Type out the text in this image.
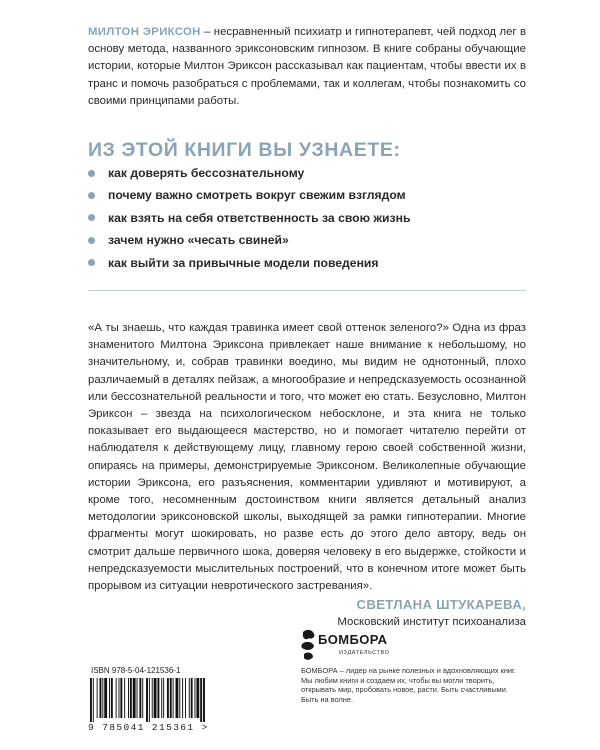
МИЛТОН ЭРИКСОН – несравненный психиатр и гипнотерапевт, чей подход лег в основу метода, названного эриксоновским гипнозом. В книге собраны обучающие истории, которые Милтон Эриксон рассказывал как пациентам, чтобы ввести их в транс и помочь разобраться с проблемами, так и коллегам, чтобы познакомить со своими принципами работы.
ИЗ ЭТОЙ КНИГИ ВЫ УЗНАЕТЕ:
как доверять бессознательному
почему важно смотреть вокруг свежим взглядом
как взять на себя ответственность за свою жизнь
зачем нужно «чесать свиней»
как выйти за привычные модели поведения
«А ты знаешь, что каждая травинка имеет свой оттенок зеленого?» Одна из фраз знаменитого Милтона Эриксона привлекает наше внимание к небольшому, но значительному, и, собрав травинки воедино, мы видим не однотонный, плохо различаемый в деталях пейзаж, а многообразие и непредсказуемость осознанной или бессознательной реальности и того, что может ею стать. Безусловно, Милтон Эриксон – звезда на психологическом небосклоне, и эта книга не только показывает его выдающееся мастерство, но и помогает читателю перейти от наблюдателя к действующему лицу, главному герою своей собственной жизни, опираясь на примеры, демонстрируемые Эриксоном. Великолепные обучающие истории Эриксона, его разъяснения, комментарии удивляют и мотивируют, а кроме того, несомненным достоинством книги является детальный анализ методологии эриксоновской школы, выходящей за рамки гипнотерапии. Многие фрагменты могут шокировать, но разве есть до этого дело автору, ведь он смотрит дальше первичного шока, доверяя человеку в его выдержке, стойкости и непредсказуемости мыслительных построений, что в конечном итоге может быть прорывом из ситуации невротического застревания».
СВЕТЛАНА ШТУКАРЕВА,
Московский институт психоанализа
ISBN 978-5-04-121536-1
9 785041 215361 >
БОМБОРА
ИЗДАТЕЛЬСТВО
БОМБОРА – лидер на рынке полезных и вдохновляющих книг. Мы любим книги и создаем их, чтобы вы могли творить, открывать мир, пробовать новое, расти. Быть счастливыми. Быть на волне.
